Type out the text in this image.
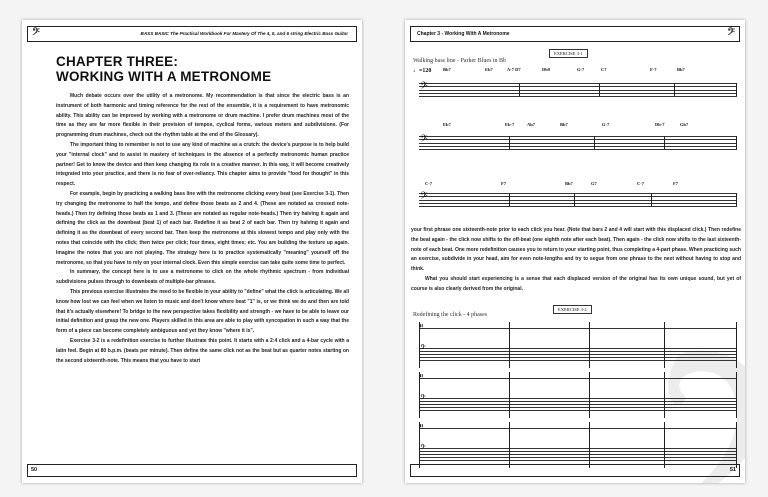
𝄢	BASS BASIC The Practical Workbook For Mastery Of The 4, 5, and 6 string Electric Bass Guitar
CHAPTER THREE:
WORKING WITH A METRONOME

Much debate occurs over the utility of a metronome. My recommendation is that since the electric bass is an instrument of both harmonic and timing reference for the rest of the ensemble, it is a requirement to have metronomic ability. This ability can be improved by working with a metronome or drum machine. I prefer drum machines most of the time as they are far more flexible in their provision of tempos, cyclical forms, various meters and subdivisions. (For programming drum machines, check out the rhythm table at the end of the Glossary).

The important thing to remember is not to use any kind of machine as a crutch: the device's purpose is to help build your "internal clock" and to assist in mastery of techniques in the absence of a perfectly metronomic human practice partner! Get to know the device and then keep changing its role in a creative manner. In this way, it will become creatively integrated into your practice, and there is no fear of over-reliancy. This chapter aims to provide "food for thought" in this respect.

For example, begin by practicing a walking bass line with the metronome clicking every beat (see Exercise 3-1). Then try changing the metronome to half the tempo, and define those beats as 2 and 4. (These are notated as crossed note-heads.) Then try defining those beats as 1 and 3. (These are notated as regular note-heads.) Then try halving it again and defining the click as the downbeat (beat 1) of each bar. Redefine it as beat 2 of each bar. Then try halving it again and defining it as the downbeat of every second bar. Then keep the metronome at this slowest tempo and play only with the notes that coincide with the click; then twice per click; four times, eight times; etc. You are building the texture up again. Imagine the notes that you are not playing. The strategy here is to practice systematically "meaning" yourself off the metronome, so that you have to rely on your internal clock. Even this simple exercise can take quite some time to perfect.

In summary, the concept here is to use a metronome to click on the whole rhythmic spectrum - from individual subdivisions pulses through to downbeats of multiple-bar phrases.

This previous exercise illustrates the need to be flexible in your ability to "define" what the click is articulating. We all know how lost we can feel when we listen to music and don't know where beat "1" is, or we think we do and then are told that it's actually elsewhere! To bridge to the new perspective takes flexibility and strength - we have to be able to leave our initial definition and grasp the new one. Players skilled in this area are able to play with syncopation in such a way that the form of a piece can become completely ambiguous and yet they know "where it is".

Exercise 3-2 is a redefinition exercise to further illustrate this point. It starts with a 2:4 click and a 4-bar cycle with a latin feel. Begin at 80 b.p.m. (beats per minute). Then define the same click not as the beat but as quarter notes starting on the second sixteenth-note. This means that you have to start

50
Chapter 3 - Working With A Metronome	𝄢
EXERCISE 3-1
Walking bass line - Parker Blues in Bb
♩=120	Bb7	Eb7	A-7 D7	Db9	G-7	C7	F-7	Bb7
𝄢
Eb7	Eb-7	Ab7	Bb7	G-7	Db-7	Gb7
𝄢
C-7	F7	Bb7	G7	C-7	F7
𝄢

your first phrase one sixteenth-note prior to each click you hear. (Note that bars 2 and 4 will start with this displaced click.) Then redefine the beat again - the click now shifts to the off-beat (one eighth note after each beat). Then again - the click now shifts to the last sixteenth-note of each beat. One more redefinition causes you to return to your starting point, thus completing a 4-part phase. When practicing such an exercise, subdivide in your head, aim for even note-lengths and try to segue from one phrase to the next without having to stop and think.

What you should start experiencing is a sense that each displaced version of the original has its own unique sound, but yet of course is also clearly derived from the original.

EXERCISE 3-2
Redefining the click - 4 phases
𝄥
𝄢
𝄥
𝄢
𝄥
𝄢
51
